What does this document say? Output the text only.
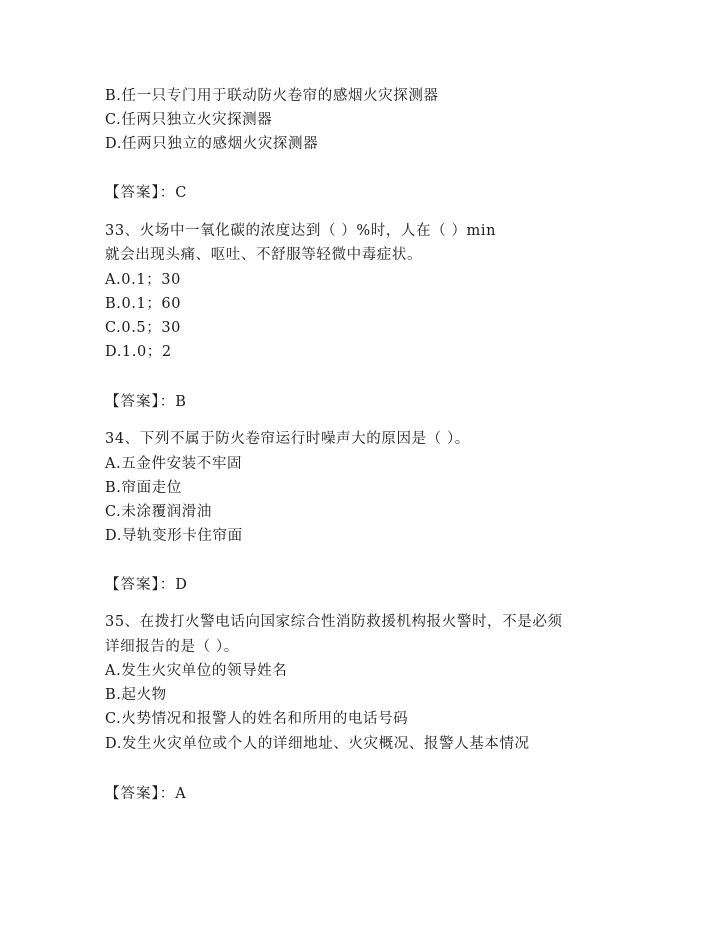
B.任一只专门用于联动防火卷帘的感烟火灾探测器
C.任两只独立火灾探测器
D.任两只独立的感烟火灾探测器
【答案】：C
33、火场中一氧化碳的浓度达到（ ）%时，人在（ ）min
就会出现头痛、呕吐、不舒服等轻微中毒症状。
A.0.1；30
B.0.1；60
C.0.5；30
D.1.0；2
【答案】：B
34、下列不属于防火卷帘运行时噪声大的原因是（ ）。
A.五金件安装不牢固
B.帘面走位
C.未涂覆润滑油
D.导轨变形卡住帘面
【答案】：D
35、在拨打火警电话向国家综合性消防救援机构报火警时，不是必须
详细报告的是（ ）。
A.发生火灾单位的领导姓名
B.起火物
C.火势情况和报警人的姓名和所用的电话号码
D.发生火灾单位或个人的详细地址、火灾概况、报警人基本情况
【答案】：A
